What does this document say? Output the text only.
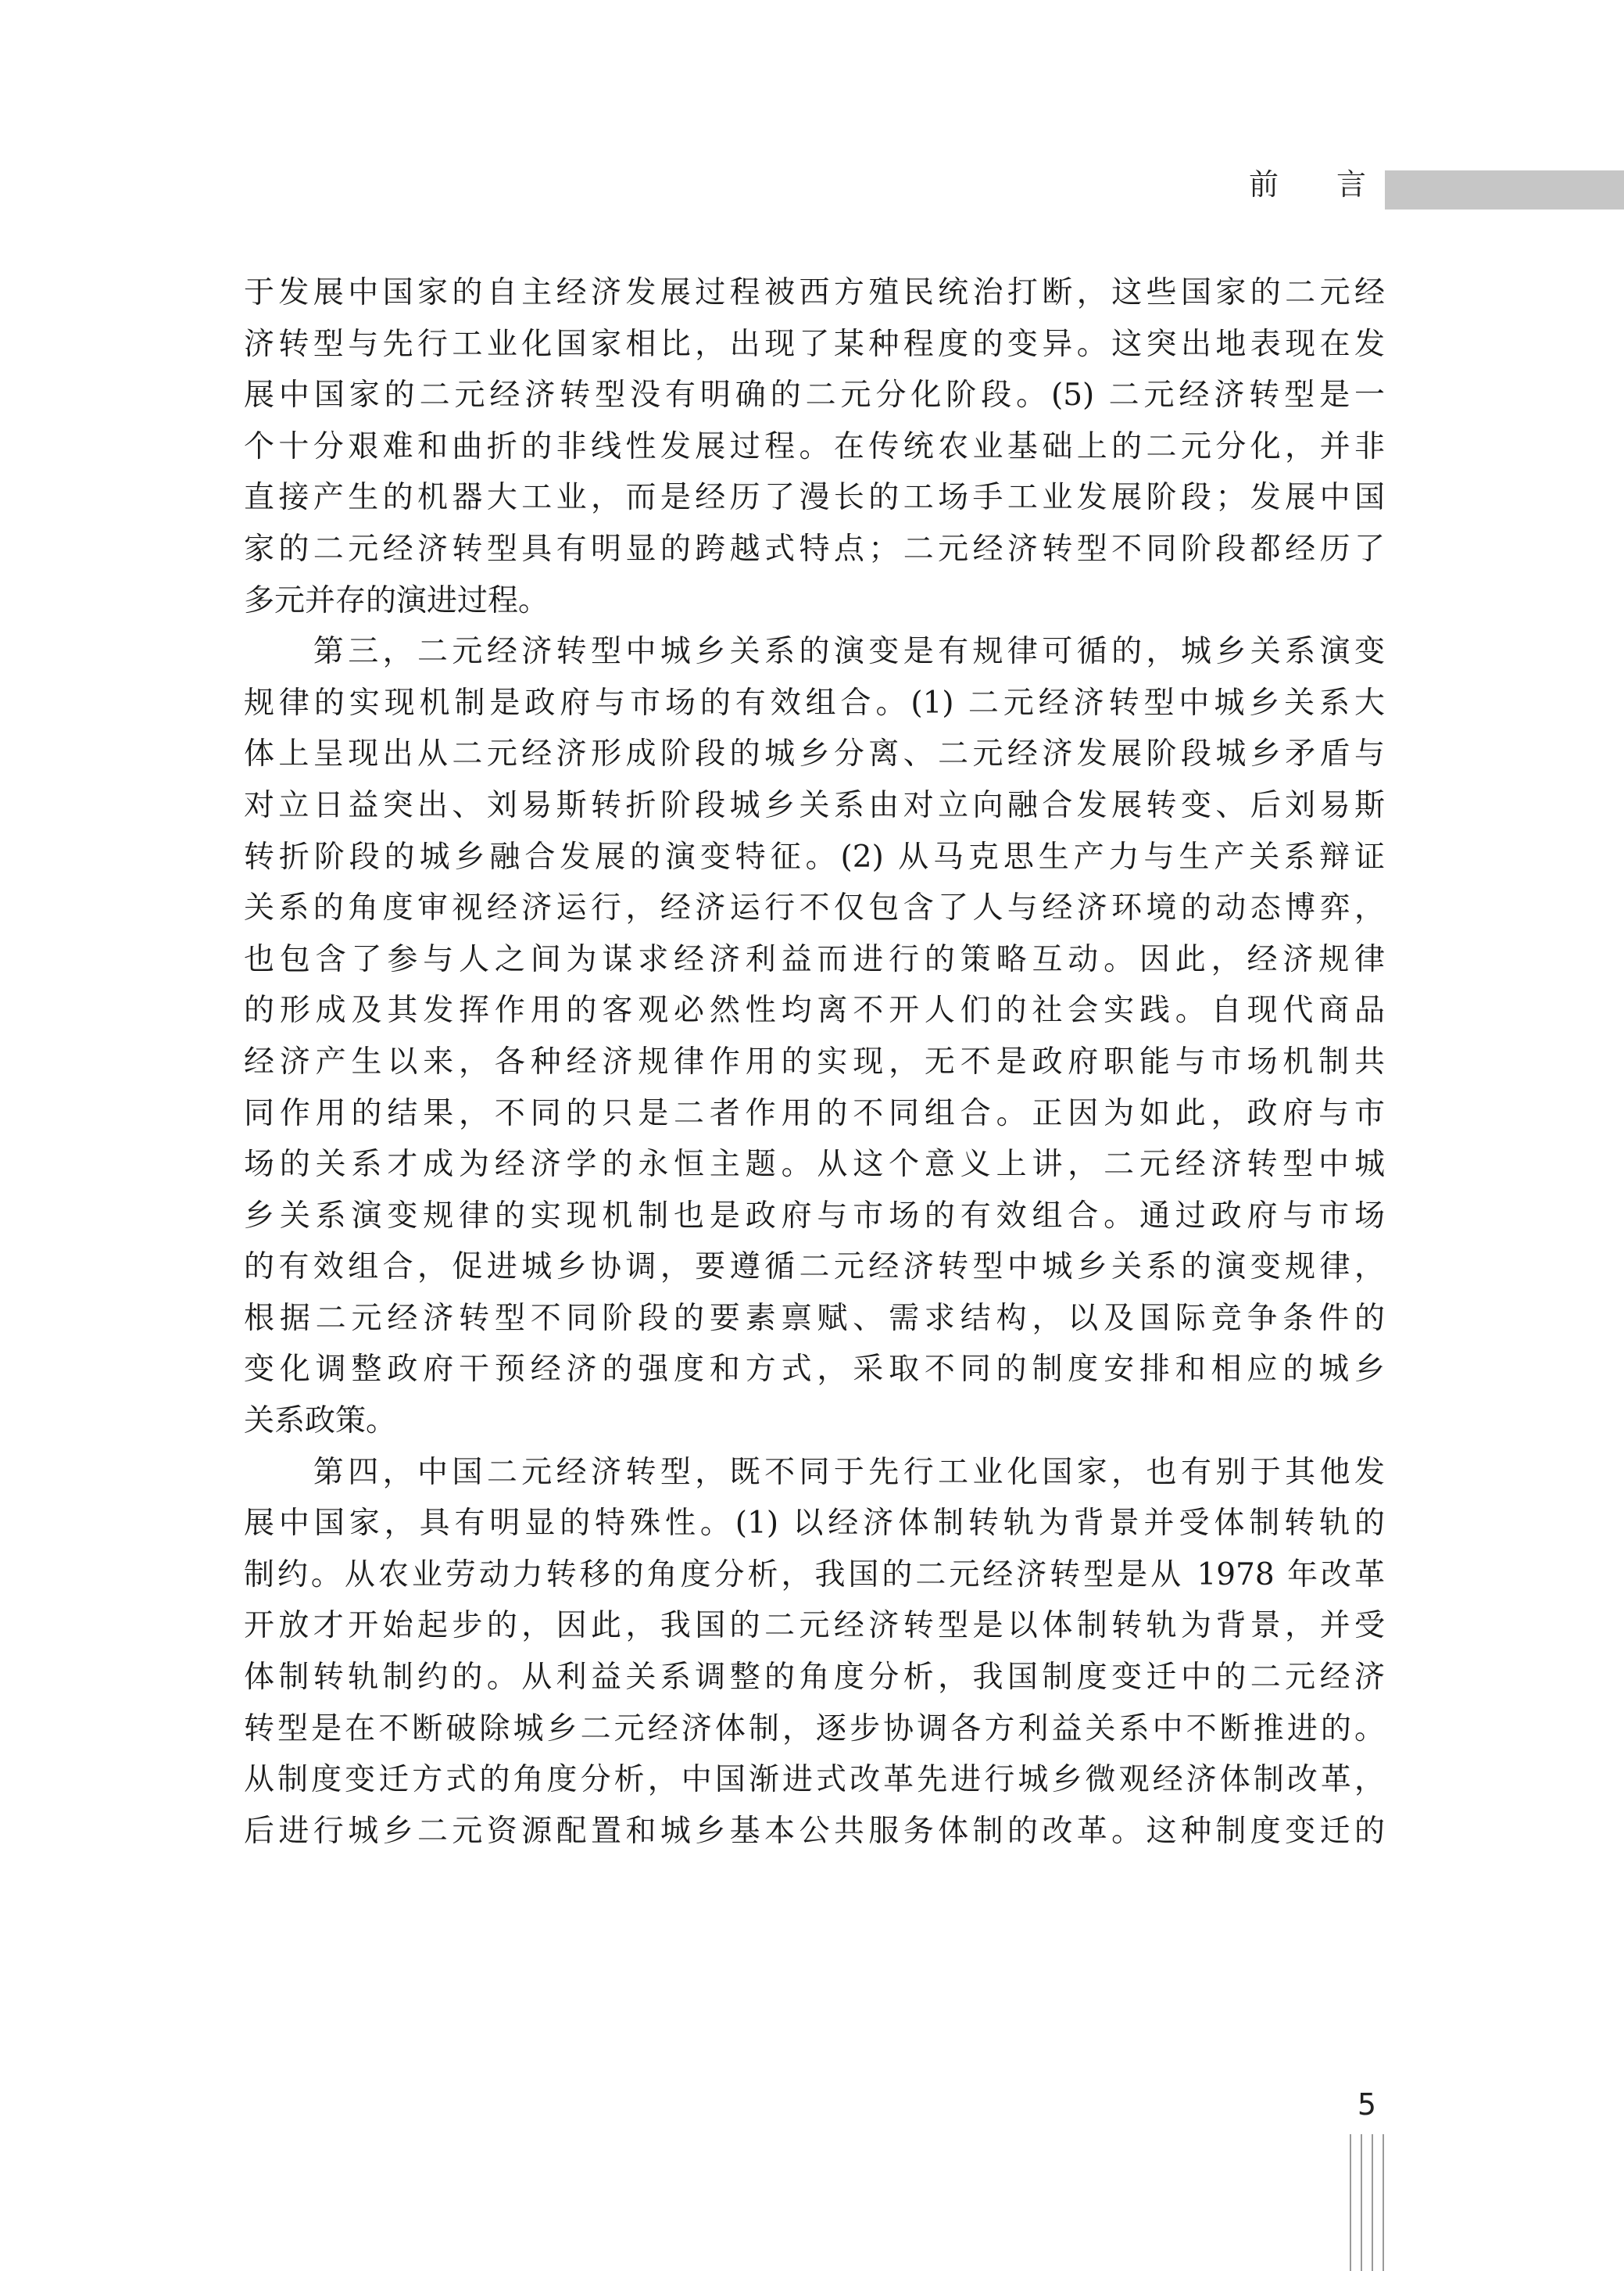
前 言
于发展中国家的自主经济发展过程被西方殖民统治打断，这些国家的二元经
济转型与先行工业化国家相比，出现了某种程度的变异。这突出地表现在发
展中国家的二元经济转型没有明确的二元分化阶段。(5) 二元经济转型是一
个十分艰难和曲折的非线性发展过程。在传统农业基础上的二元分化，并非
直接产生的机器大工业，而是经历了漫长的工场手工业发展阶段；发展中国
家的二元经济转型具有明显的跨越式特点；二元经济转型不同阶段都经历了
多元并存的演进过程。
　　第三，二元经济转型中城乡关系的演变是有规律可循的，城乡关系演变
规律的实现机制是政府与市场的有效组合。(1) 二元经济转型中城乡关系大
体上呈现出从二元经济形成阶段的城乡分离、二元经济发展阶段城乡矛盾与
对立日益突出、刘易斯转折阶段城乡关系由对立向融合发展转变、后刘易斯
转折阶段的城乡融合发展的演变特征。(2) 从马克思生产力与生产关系辩证
关系的角度审视经济运行，经济运行不仅包含了人与经济环境的动态博弈，
也包含了参与人之间为谋求经济利益而进行的策略互动。因此，经济规律
的形成及其发挥作用的客观必然性均离不开人们的社会实践。自现代商品
经济产生以来，各种经济规律作用的实现，无不是政府职能与市场机制共
同作用的结果，不同的只是二者作用的不同组合。正因为如此，政府与市
场的关系才成为经济学的永恒主题。从这个意义上讲，二元经济转型中城
乡关系演变规律的实现机制也是政府与市场的有效组合。通过政府与市场
的有效组合，促进城乡协调，要遵循二元经济转型中城乡关系的演变规律，
根据二元经济转型不同阶段的要素禀赋、需求结构，以及国际竞争条件的
变化调整政府干预经济的强度和方式，采取不同的制度安排和相应的城乡
关系政策。
　　第四，中国二元经济转型，既不同于先行工业化国家，也有别于其他发
展中国家，具有明显的特殊性。(1) 以经济体制转轨为背景并受体制转轨的
制约。从农业劳动力转移的角度分析，我国的二元经济转型是从 1978 年改革
开放才开始起步的，因此，我国的二元经济转型是以体制转轨为背景，并受
体制转轨制约的。从利益关系调整的角度分析，我国制度变迁中的二元经济
转型是在不断破除城乡二元经济体制，逐步协调各方利益关系中不断推进的。
从制度变迁方式的角度分析，中国渐进式改革先进行城乡微观经济体制改革，
后进行城乡二元资源配置和城乡基本公共服务体制的改革。这种制度变迁的
5
